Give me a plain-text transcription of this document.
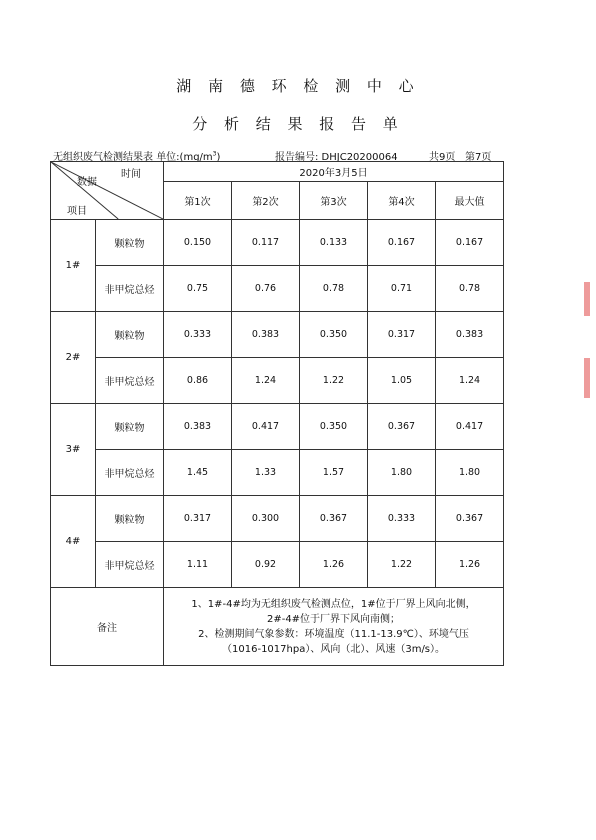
湖 南 德 环 检 测 中 心
分 析 结 果 报 告 单
无组织废气检测结果表 单位$:(mg/m^3)$	报告编号: DHJC20200064	共9页 第7页
时间
数据
项目		2020年3月5日				
		第1次	第2次	第3次	第4次	最大值
1#	颗粒物	0.150	0.117	0.133	0.167	0.167
	非甲烷总烃	0.75	0.76	0.78	0.71	0.78
2#	颗粒物	0.333	0.383	0.350	0.317	0.383
	非甲烷总烃	0.86	1.24	1.22	1.05	1.24
3#	颗粒物	0.383	0.417	0.350	0.367	0.417
	非甲烷总烃	1.45	1.33	1.57	1.80	1.80
4#	颗粒物	0.317	0.300	0.367	0.333	0.367
	非甲烷总烃	1.11	0.92	1.26	1.22	1.26
备注		1、1#-4#均为无组织废气检测点位，1#位于厂界上风向北侧，
2#-4#位于厂界下风向南侧；
2、检测期间气象参数：环境温度（11.1-13.9℃）、环境气压
（1016-1017hpa）、风向（北）、风速（3m/s）。				
